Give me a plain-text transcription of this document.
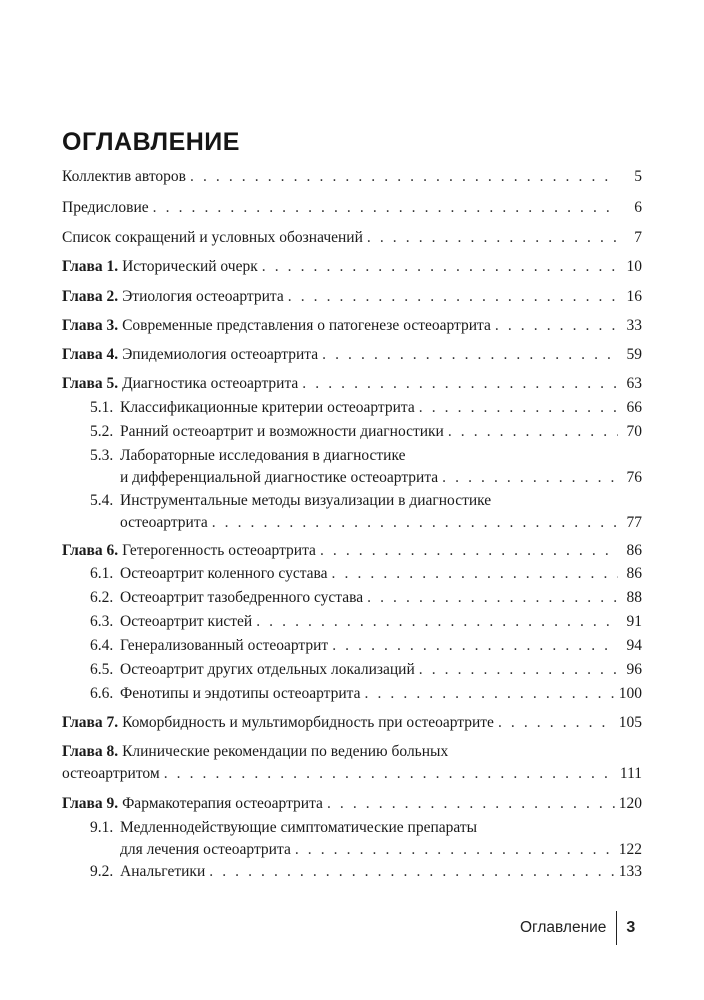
ОГЛАВЛЕНИЕ
Коллектив авторов . . .	5
Предисловие . . .	6
Список сокращений и условных обозначений . . .	7
Глава 1. Исторический очерк . . .	10
Глава 2. Этиология остеоартрита . . .	16
Глава 3. Современные представления о патогенезе остеоартрита . . .	33
Глава 4. Эпидемиология остеоартрита . . .	59
Глава 5. Диагностика остеоартрита . . .	63
5.1. Классификационные критерии остеоартрита . . .	66
5.2. Ранний остеоартрит и возможности диагностики . . .	70
5.3. Лабораторные исследования в диагностике
и дифференциальной диагностике остеоартрита . . .	76
5.4. Инструментальные методы визуализации в диагностике
остеоартрита . . .	77
Глава 6. Гетерогенность остеоартрита . . .	86
6.1. Остеоартрит коленного сустава . . .	86
6.2. Остеоартрит тазобедренного сустава . . .	88
6.3. Остеоартрит кистей . . .	91
6.4. Генерализованный остеоартрит . . .	94
6.5. Остеоартрит других отдельных локализаций . . .	96
6.6. Фенотипы и эндотипы остеоартрита . . .	100
Глава 7. Коморбидность и мультиморбидность при остеоартрите . . .	105
Глава 8. Клинические рекомендации по ведению больных
остеоартритом . . .	111
Глава 9. Фармакотерапия остеоартрита . . .	120
9.1. Медленнодействующие симптоматические препараты
для лечения остеоартрита . . .	122
9.2. Анальгетики . . .	133
Оглавление 3
